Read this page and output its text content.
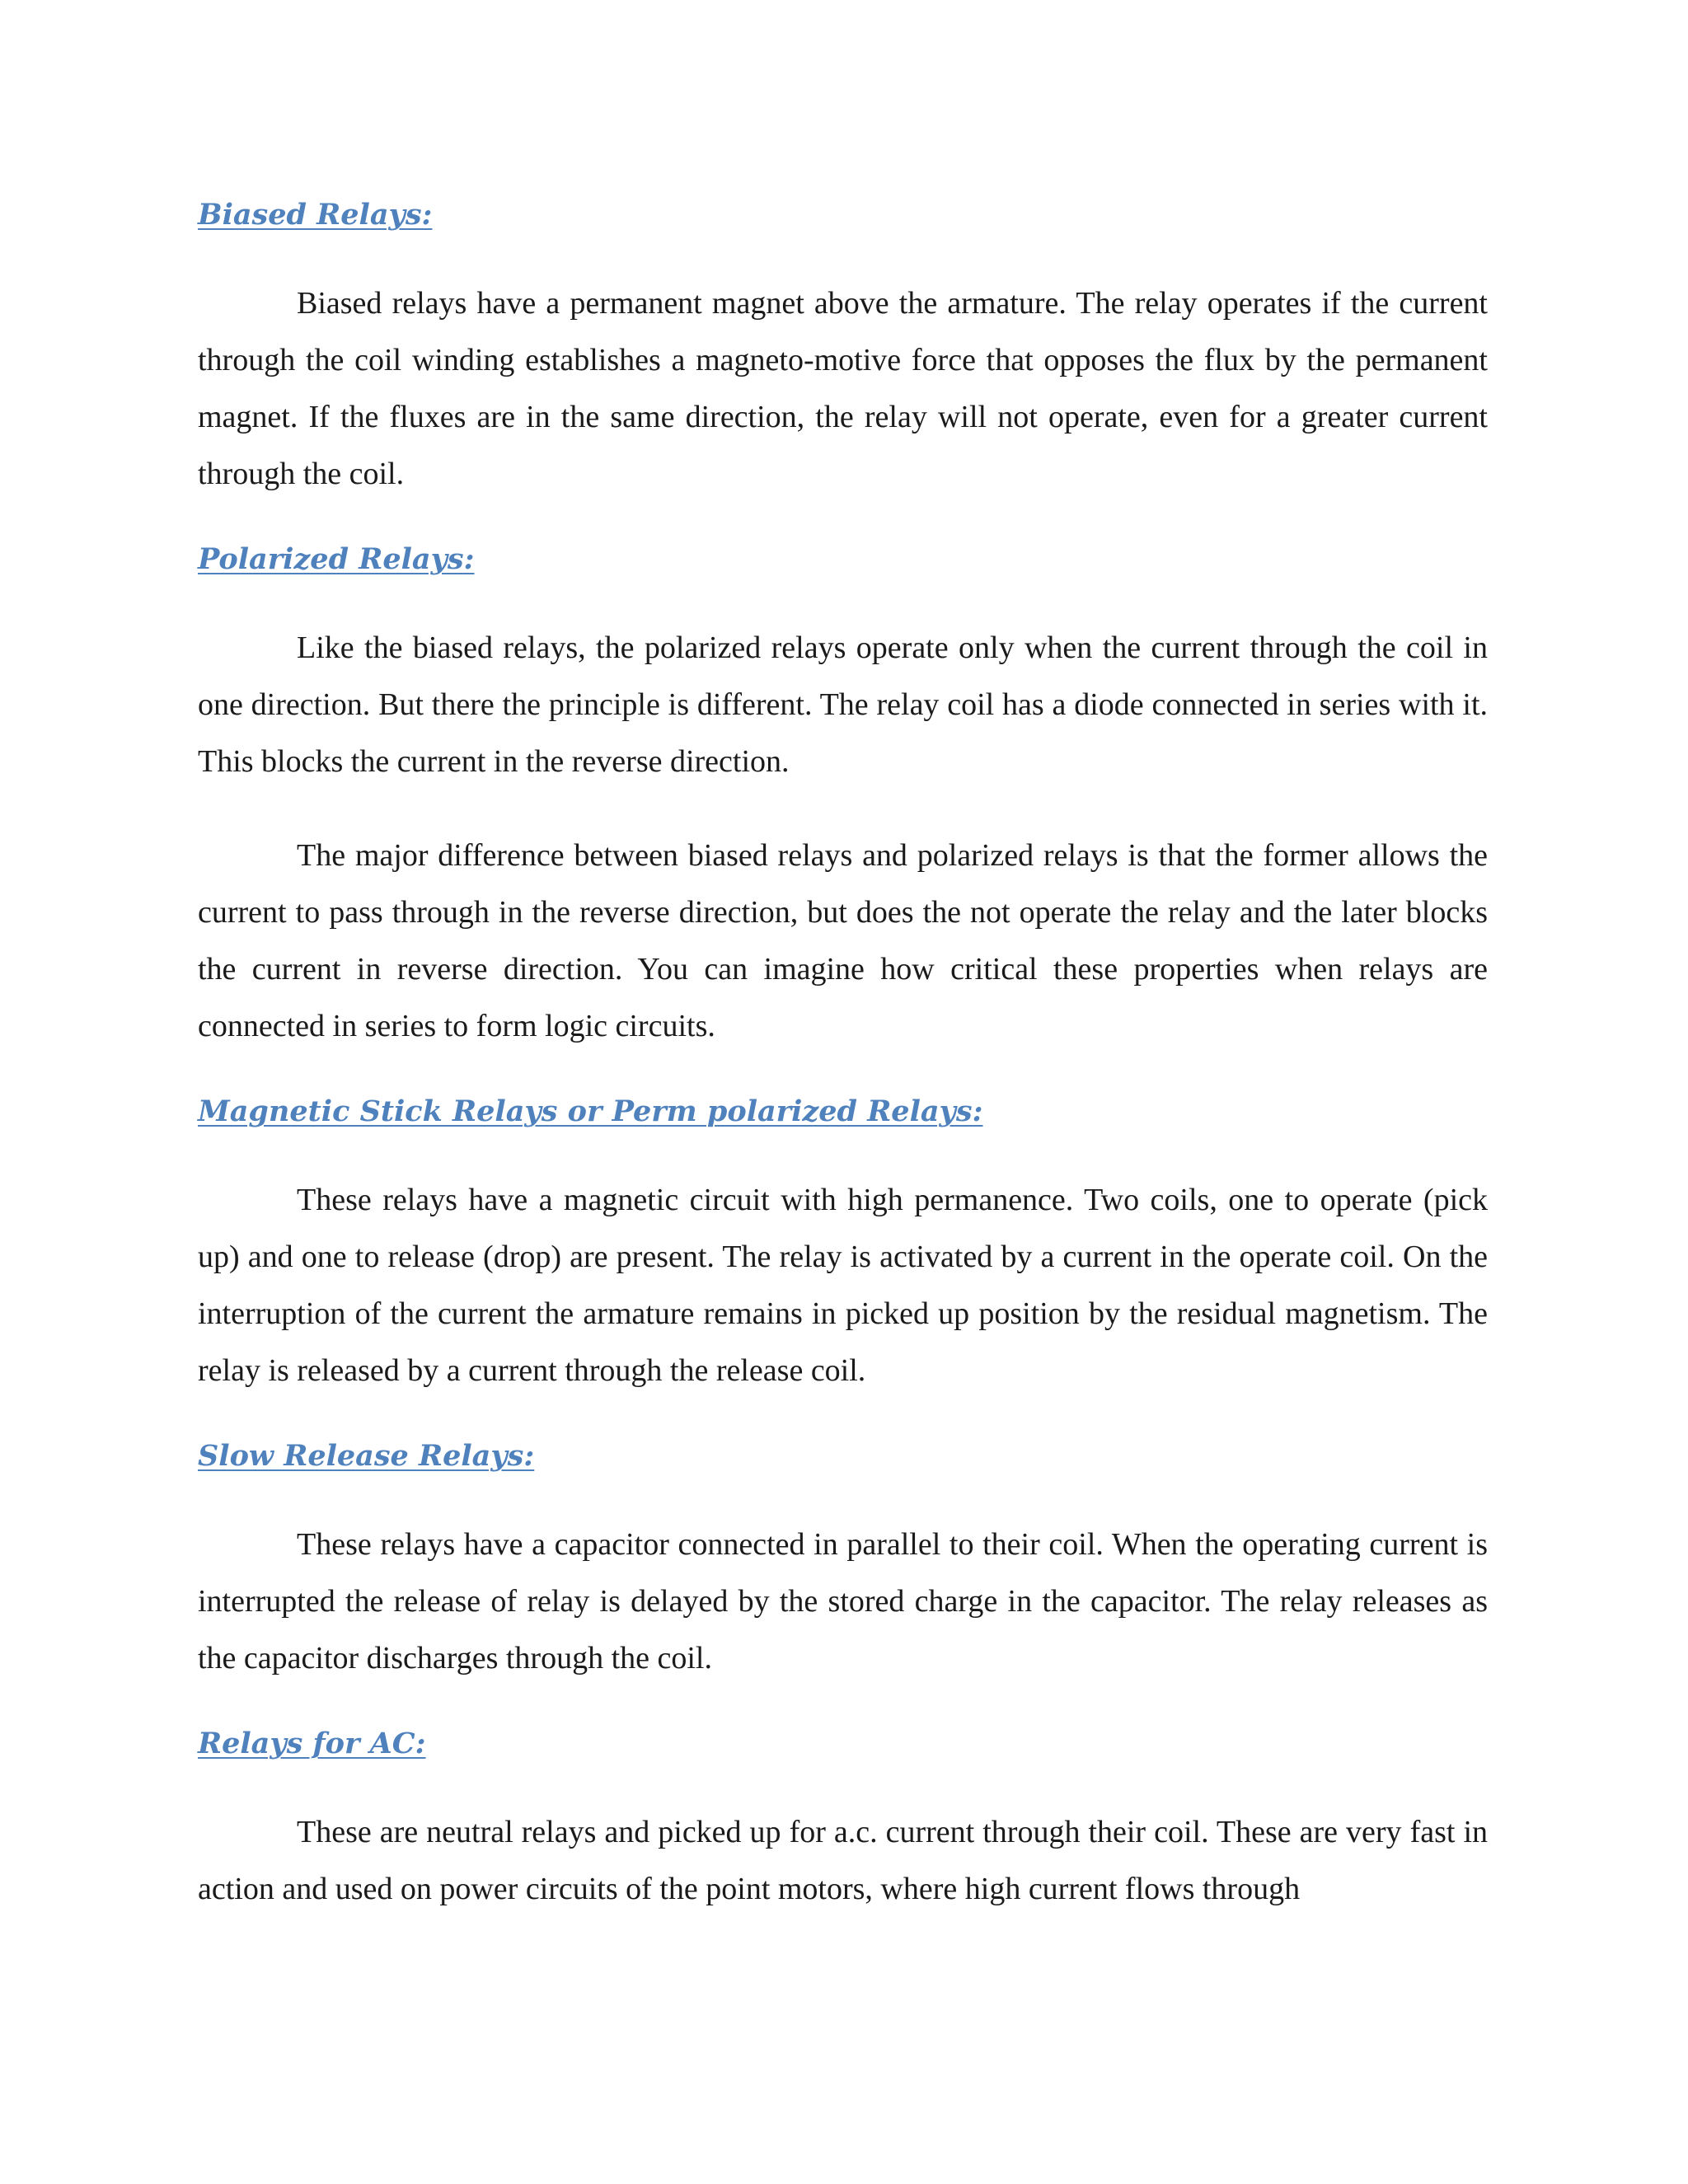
Biased Relays:

Biased relays have a permanent magnet above the armature. The relay operates if the current through the coil winding establishes a magneto-motive force that opposes the flux by the permanent magnet. If the fluxes are in the same direction, the relay will not operate, even for a greater current through the coil.

Polarized Relays:

Like the biased relays, the polarized relays operate only when the current through the coil in one direction. But there the principle is different. The relay coil has a diode connected in series with it. This blocks the current in the reverse direction.

The major difference between biased relays and polarized relays is that the former allows the current to pass through in the reverse direction, but does the not operate the relay and the later blocks the current in reverse direction. You can imagine how critical these properties when relays are connected in series to form logic circuits.

Magnetic Stick Relays or Perm polarized Relays:

These relays have a magnetic circuit with high permanence. Two coils, one to operate (pick up) and one to release (drop) are present. The relay is activated by a current in the operate coil. On the interruption of the current the armature remains in picked up position by the residual magnetism. The relay is released by a current through the release coil.

Slow Release Relays:

These relays have a capacitor connected in parallel to their coil. When the operating current is interrupted the release of relay is delayed by the stored charge in the capacitor. The relay releases as the capacitor discharges through the coil.

Relays for AC:

These are neutral relays and picked up for a.c. current through their coil. These are very fast in action and used on power circuits of the point motors, where high current flows through
